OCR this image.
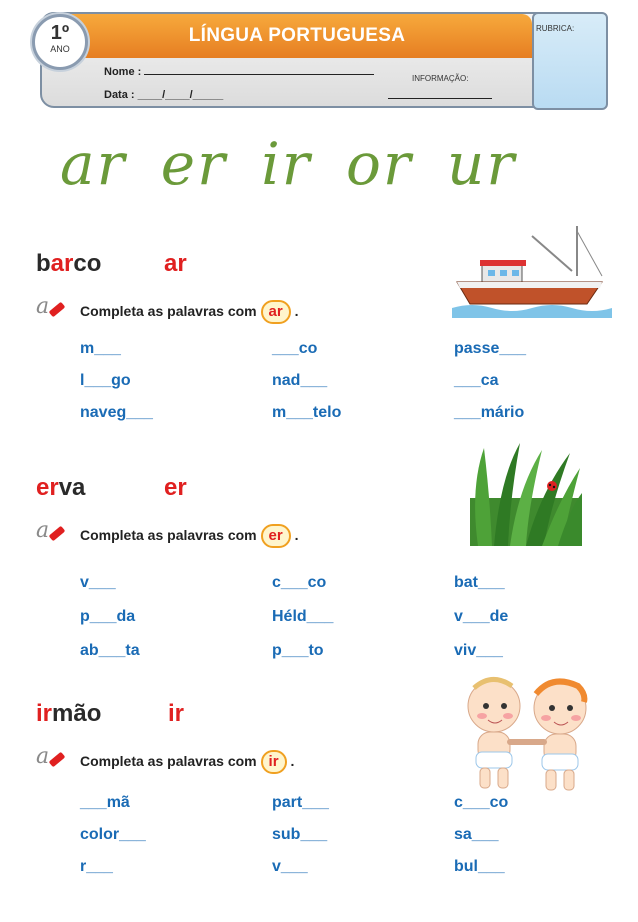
LÍNGUA PORTUGUESA
1º
ANO
RUBRICA:
Nome :
Data : ____/____/_____
INFORMAÇÃO:
ar er ir or ur
barco	ar
a	Completa as palavras com ar .
m___	___co	passe___
l___go	nad___	___ca
naveg___	m___telo	___mário
erva	er
a	Completa as palavras com er .
v___	c___co	bat___
p___da	Héld___	v___de
ab___ta	p___to	viv___
irmão	ir
a	Completa as palavras com ir .
___mã	part___	c___co
color___	sub___	sa___
r___	v___	bul___
